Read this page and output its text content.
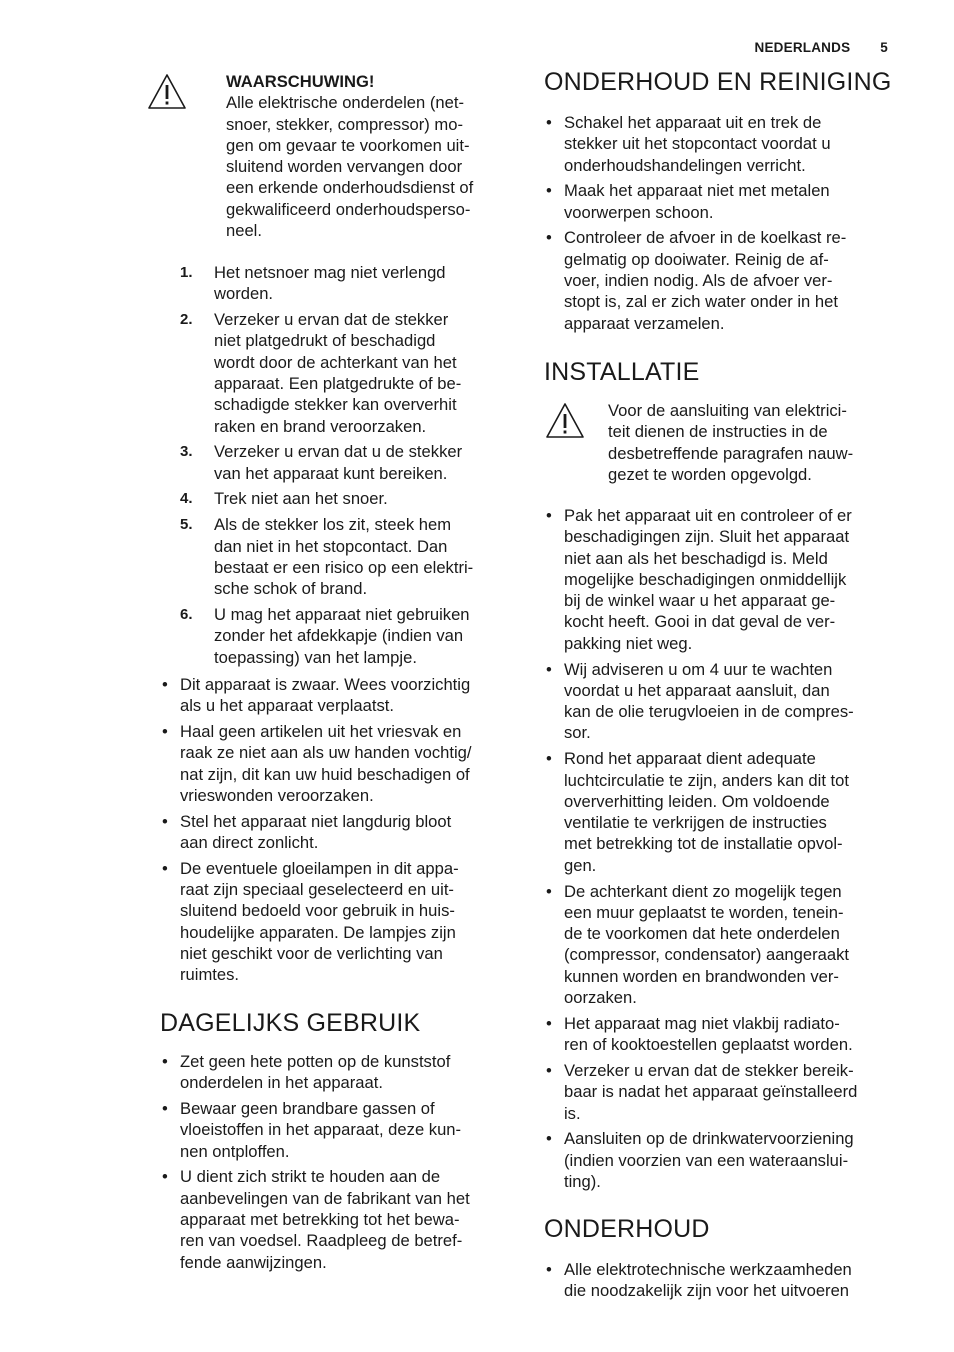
NEDERLANDS 5
WAARSCHUWING!
Alle elektrische onderdelen (net-
snoer, stekker, compressor) mo-
gen om gevaar te voorkomen uit-
sluitend worden vervangen door
een erkende onderhoudsdienst of
gekwalificeerd onderhoudsperso-
neel.
1. Het netsnoer mag niet verlengd
worden.
2. Verzeker u ervan dat de stekker
niet platgedrukt of beschadigd
wordt door de achterkant van het
apparaat. Een platgedrukte of be-
schadigde stekker kan oververhit
raken en brand veroorzaken.
3. Verzeker u ervan dat u de stekker
van het apparaat kunt bereiken.
4. Trek niet aan het snoer.
5. Als de stekker los zit, steek hem
dan niet in het stopcontact. Dan
bestaat er een risico op een elektri-
sche schok of brand.
6. U mag het apparaat niet gebruiken
zonder het afdekkapje (indien van
toepassing) van het lampje.
• Dit apparaat is zwaar. Wees voorzichtig
als u het apparaat verplaatst.
• Haal geen artikelen uit het vriesvak en
raak ze niet aan als uw handen vochtig/
nat zijn, dit kan uw huid beschadigen of
vrieswonden veroorzaken.
• Stel het apparaat niet langdurig bloot
aan direct zonlicht.
• De eventuele gloeilampen in dit appa-
raat zijn speciaal geselecteerd en uit-
sluitend bedoeld voor gebruik in huis-
houdelijke apparaten. De lampjes zijn
niet geschikt voor de verlichting van
ruimtes.
DAGELIJKS GEBRUIK
• Zet geen hete potten op de kunststof
onderdelen in het apparaat.
• Bewaar geen brandbare gassen of
vloeistoffen in het apparaat, deze kun-
nen ontploffen.
• U dient zich strikt te houden aan de
aanbevelingen van de fabrikant van het
apparaat met betrekking tot het bewa-
ren van voedsel. Raadpleeg de betref-
fende aanwijzingen.
ONDERHOUD EN REINIGING
• Schakel het apparaat uit en trek de
stekker uit het stopcontact voordat u
onderhoudshandelingen verricht.
• Maak het apparaat niet met metalen
voorwerpen schoon.
• Controleer de afvoer in de koelkast re-
gelmatig op dooiwater. Reinig de af-
voer, indien nodig. Als de afvoer ver-
stopt is, zal er zich water onder in het
apparaat verzamelen.
INSTALLATIE
Voor de aansluiting van elektrici-
teit dienen de instructies in de
desbetreffende paragrafen nauw-
gezet te worden opgevolgd.
• Pak het apparaat uit en controleer of er
beschadigingen zijn. Sluit het apparaat
niet aan als het beschadigd is. Meld
mogelijke beschadigingen onmiddellijk
bij de winkel waar u het apparaat ge-
kocht heeft. Gooi in dat geval de ver-
pakking niet weg.
• Wij adviseren u om 4 uur te wachten
voordat u het apparaat aansluit, dan
kan de olie terugvloeien in de compres-
sor.
• Rond het apparaat dient adequate
luchtcirculatie te zijn, anders kan dit tot
oververhitting leiden. Om voldoende
ventilatie te verkrijgen de instructies
met betrekking tot de installatie opvol-
gen.
• De achterkant dient zo mogelijk tegen
een muur geplaatst te worden, tenein-
de te voorkomen dat hete onderdelen
(compressor, condensator) aangeraakt
kunnen worden en brandwonden ver-
oorzaken.
• Het apparaat mag niet vlakbij radiato-
ren of kooktoestellen geplaatst worden.
• Verzeker u ervan dat de stekker bereik-
baar is nadat het apparaat geïnstalleerd
is.
• Aansluiten op de drinkwatervoorziening
(indien voorzien van een wateraanslui-
ting).
ONDERHOUD
• Alle elektrotechnische werkzaamheden
die noodzakelijk zijn voor het uitvoeren
